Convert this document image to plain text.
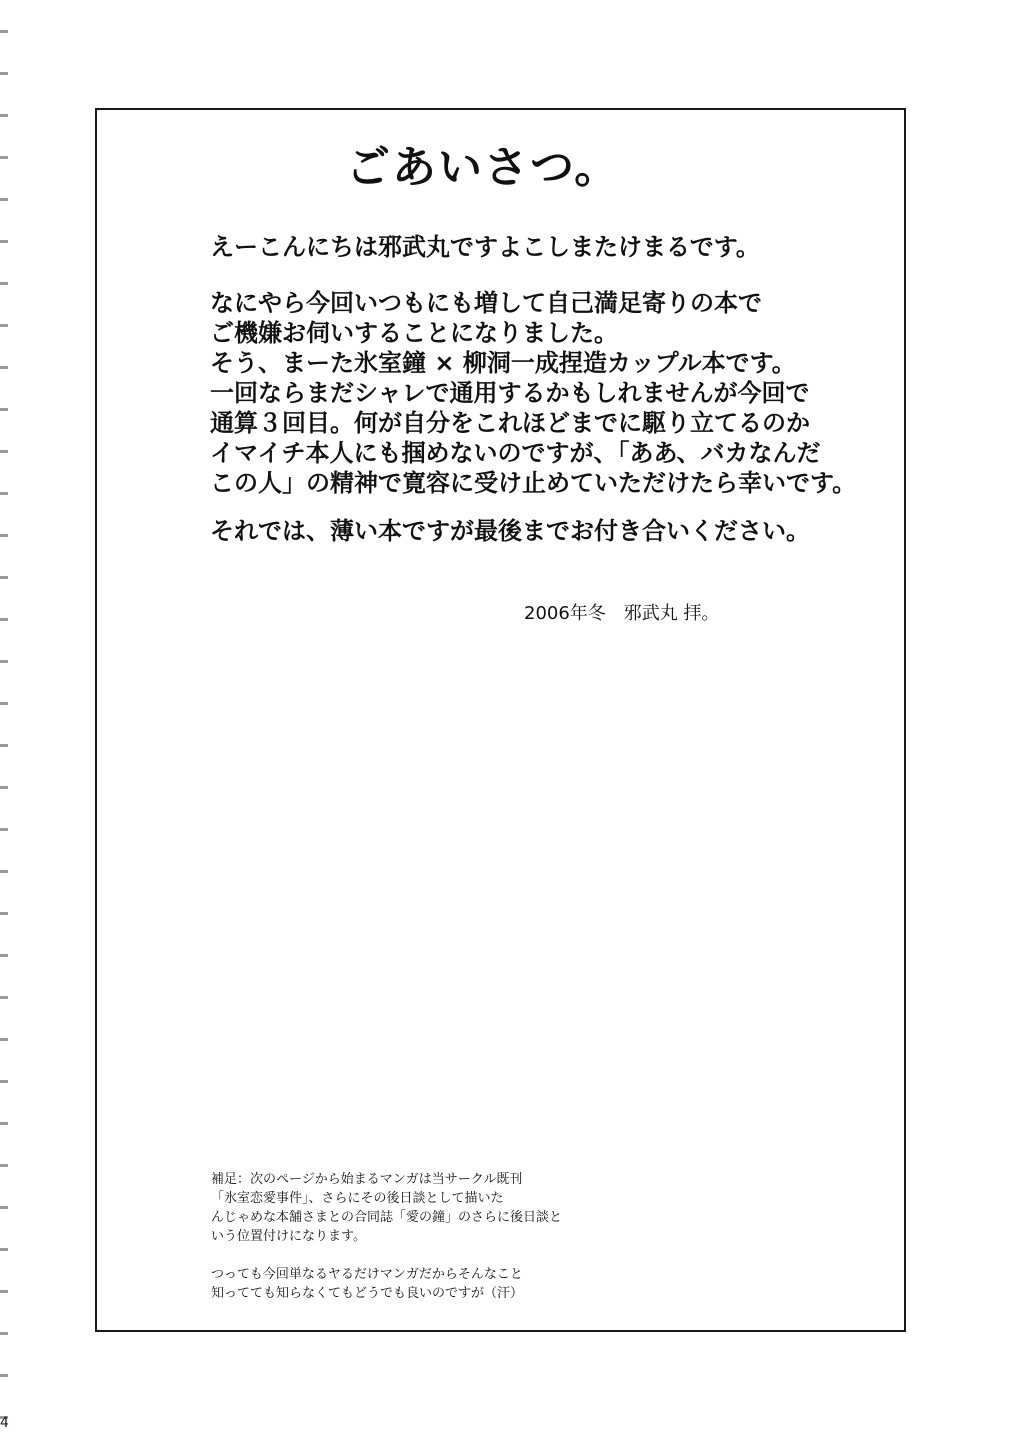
ごあいさつ。
えーこんにちは邪武丸ですよこしまたけまるです。
なにやら今回いつもにも増して自己満足寄りの本で
ご機嫌お伺いすることになりました。
そう、まーた氷室鐘 × 柳洞一成捏造カップル本です。
一回ならまだシャレで通用するかもしれませんが今回で
通算３回目。何が自分をこれほどまでに駆り立てるのか
イマイチ本人にも掴めないのですが、「ああ、バカなんだ
この人」の精神で寛容に受け止めていただけたら幸いです。
それでは、薄い本ですが最後までお付き合いください。
2006年冬　邪武丸 拝。
補足：次のページから始まるマンガは当サークル既刊
「氷室恋愛事件」、さらにその後日談として描いた
んじゃめな本舗さまとの合同誌「愛の鐘」のさらに後日談と
いう位置付けになります。
つっても今回単なるヤるだけマンガだからそんなこと
知ってても知らなくてもどうでも良いのですが（汗）
4
